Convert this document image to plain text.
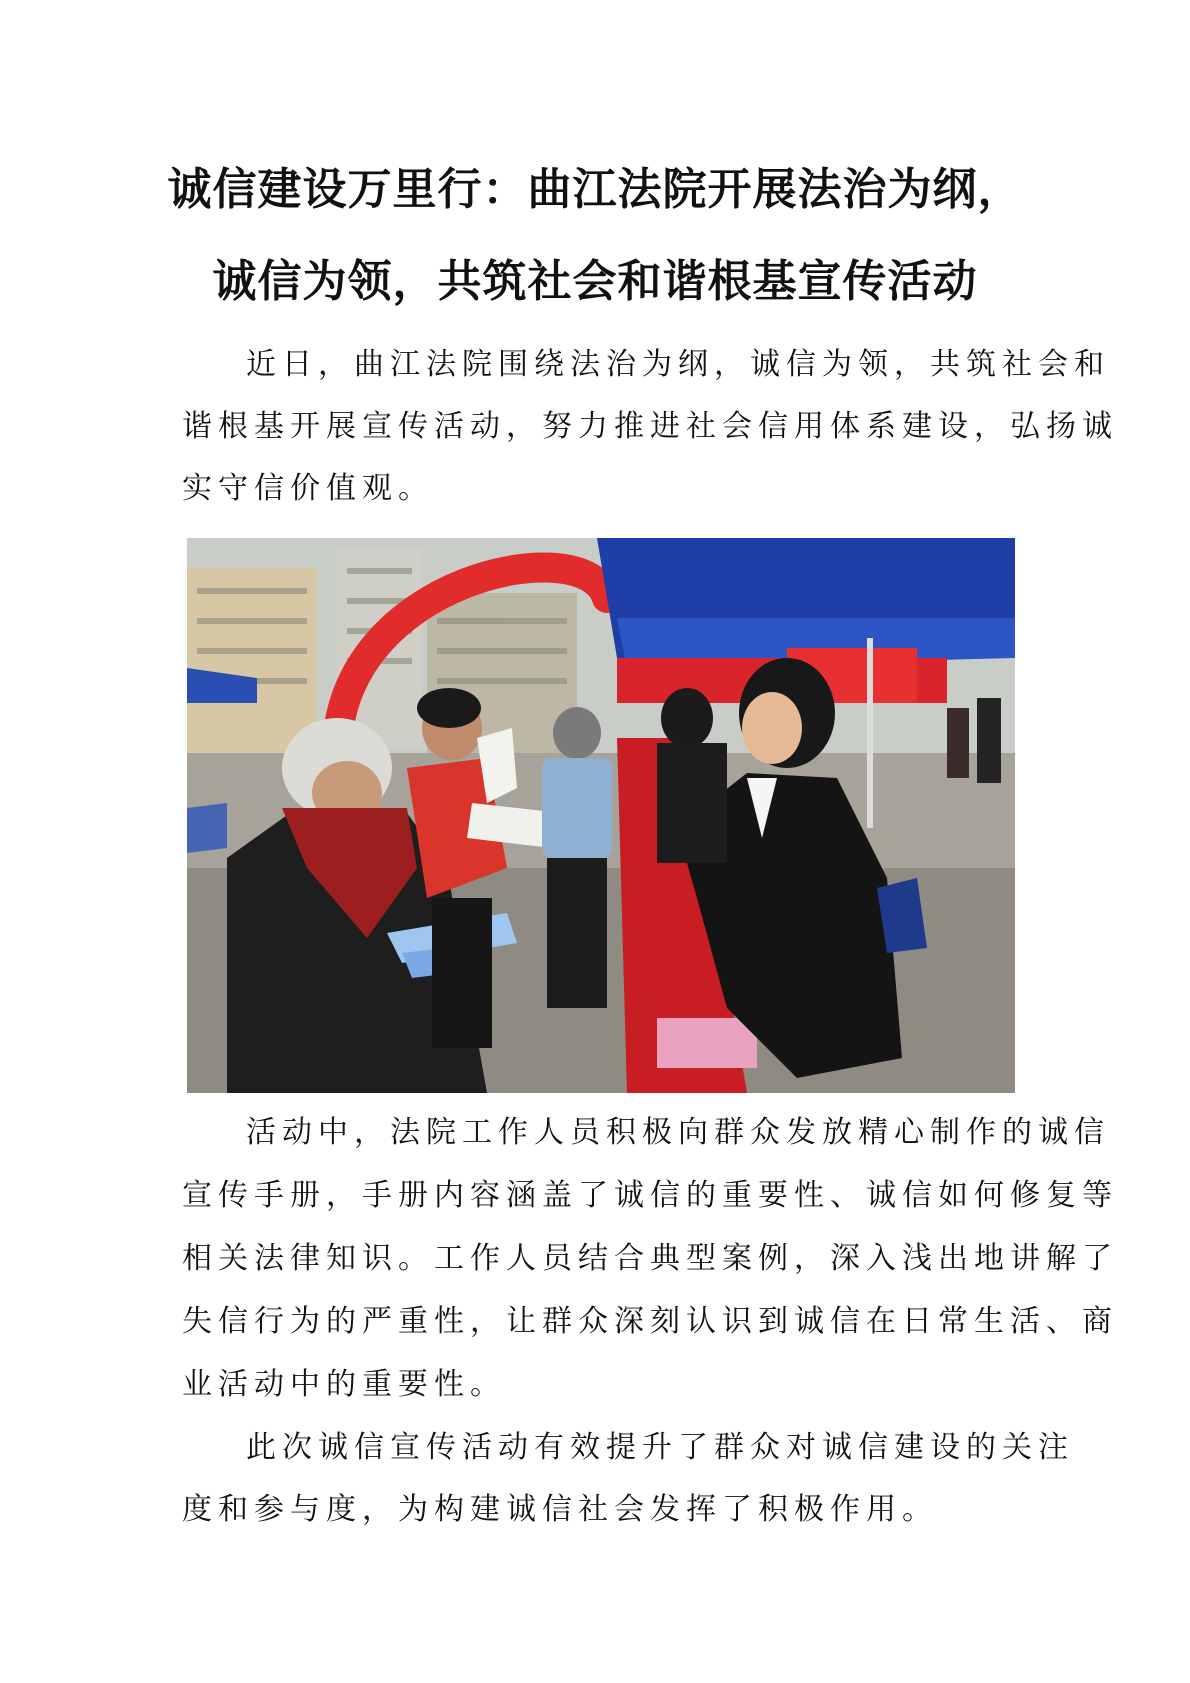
诚信建设万里行：曲江法院开展法治为纲，
诚信为领，共筑社会和谐根基宣传活动
近日，曲江法院围绕法治为纲，诚信为领，共筑社会和
谐根基开展宣传活动，努力推进社会信用体系建设，弘扬诚
实守信价值观。
活动中，法院工作人员积极向群众发放精心制作的诚信
宣传手册，手册内容涵盖了诚信的重要性、诚信如何修复等
相关法律知识。工作人员结合典型案例，深入浅出地讲解了
失信行为的严重性，让群众深刻认识到诚信在日常生活、商
业活动中的重要性。
此次诚信宣传活动有效提升了群众对诚信建设的关注
度和参与度，为构建诚信社会发挥了积极作用。
